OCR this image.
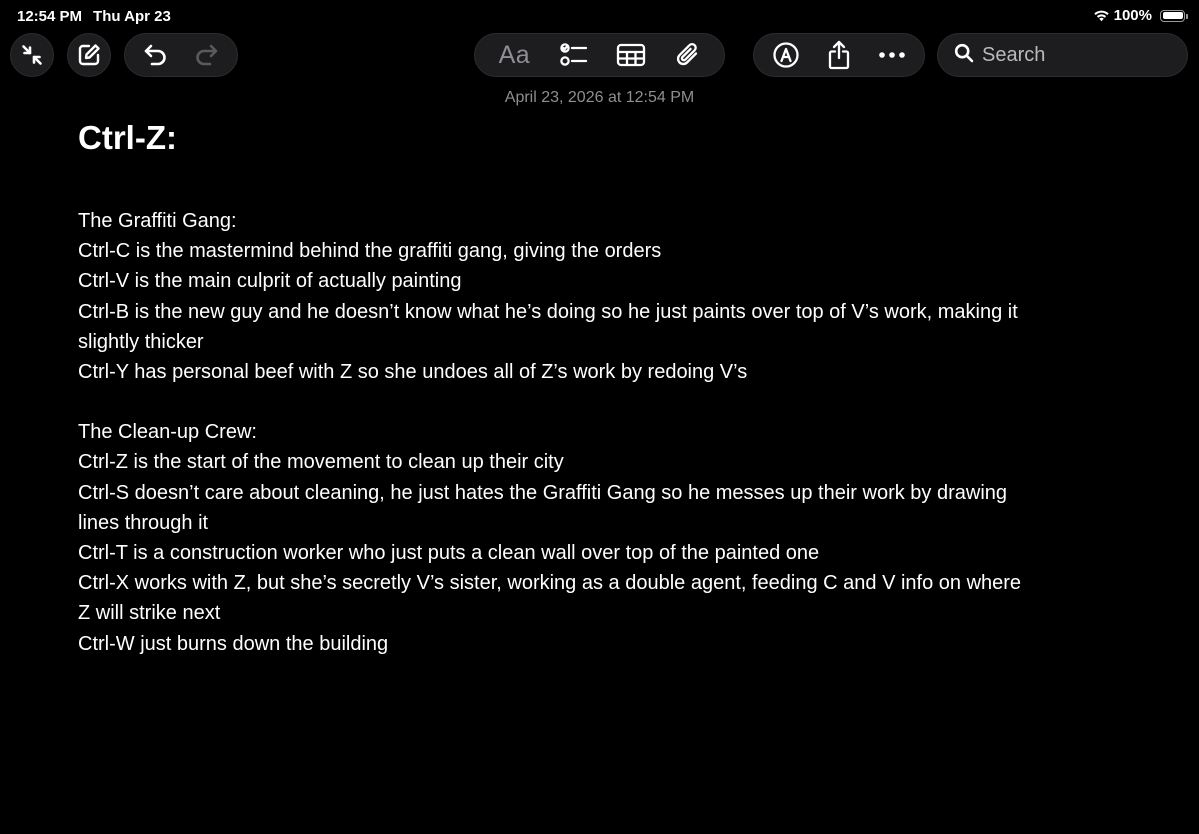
12:54 PM Thu Apr 23	100%
Aa
Search
April 23, 2026 at 12:54 PM
Ctrl-Z:

The Graffiti Gang:

Ctrl-C is the mastermind behind the graffiti gang, giving the orders

Ctrl-V is the main culprit of actually painting

Ctrl-B is the new guy and he doesn’t know what he’s doing so he just paints over top of V’s work, making it slightly thicker

Ctrl-Y has personal beef with Z so she undoes all of Z’s work by redoing V’s

The Clean-up Crew:

Ctrl-Z is the start of the movement to clean up their city

Ctrl-S doesn’t care about cleaning, he just hates the Graffiti Gang so he messes up their work by drawing lines through it

Ctrl-T is a construction worker who just puts a clean wall over top of the painted one

Ctrl-X works with Z, but she’s secretly V’s sister, working as a double agent, feeding C and V info on where Z will strike next

Ctrl-W just burns down the building
